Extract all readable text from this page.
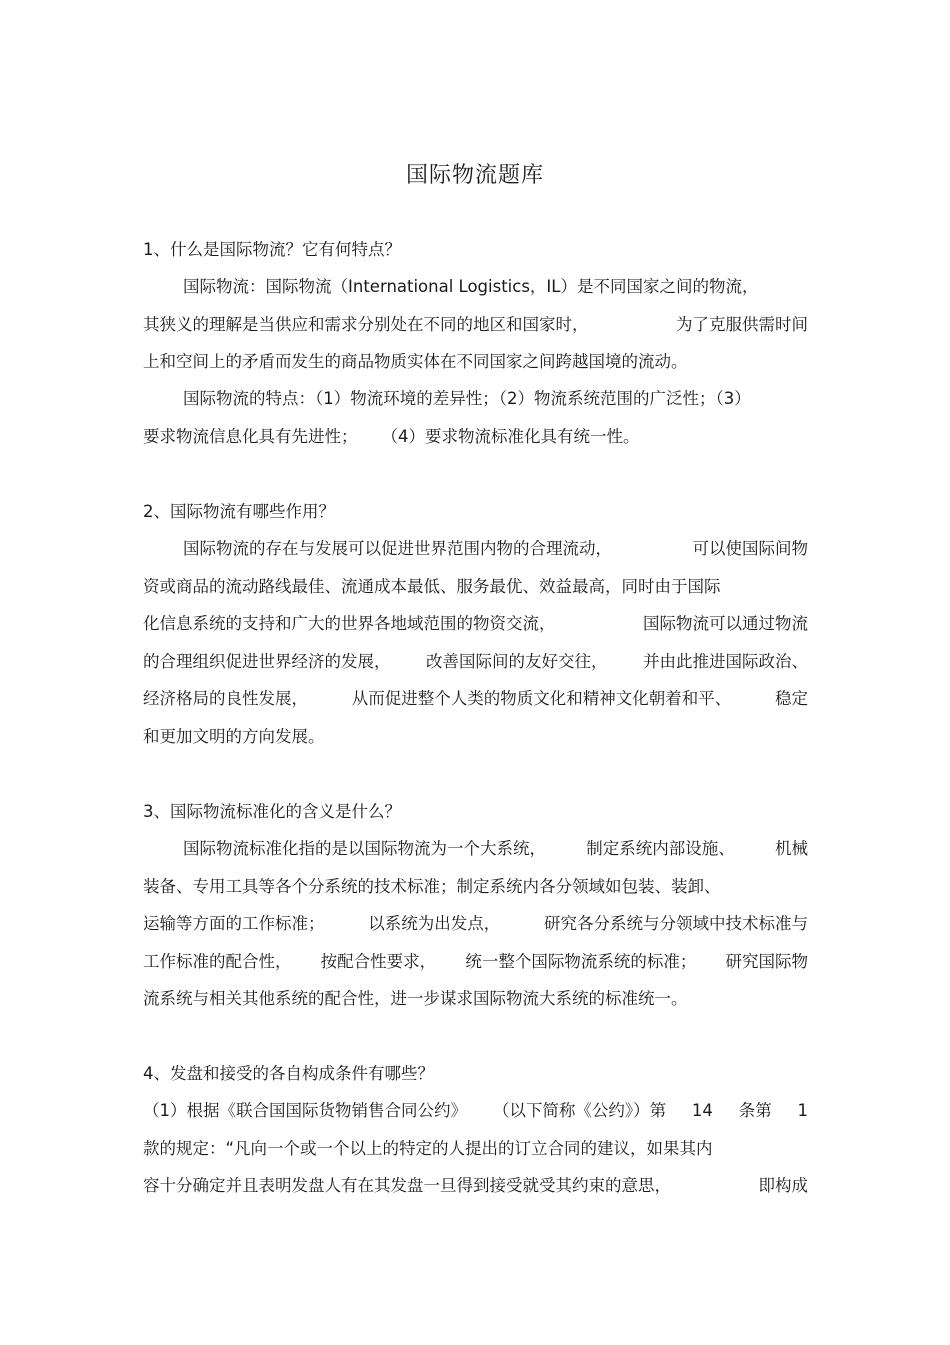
国际物流题库
1、什么是国际物流？它有何特点？
国际物流：国际物流（International Logistics，IL）是不同国家之间的物流，
其狭义的理解是当供应和需求分别处在不同的地区和国家时，	为了克服供需时间
上和空间上的矛盾而发生的商品物质实体在不同国家之间跨越国境的流动。
国际物流的特点：（1）物流环境的差异性；（2）物流系统范围的广泛性；（3）
要求物流信息化具有先进性； （4）要求物流标准化具有统一性。
2、国际物流有哪些作用？
国际物流的存在与发展可以促进世界范围内物的合理流动，	可以使国际间物
资或商品的流动路线最佳、流通成本最低、服务最优、效益最高，同时由于国际
化信息系统的支持和广大的世界各地域范围的物资交流，	国际物流可以通过物流
的合理组织促进世界经济的发展， 改善国际间的友好交往， 并由此推进国际政治、
经济格局的良性发展，	从而促进整个人类的物质文化和精神文化朝着和平、	稳定
和更加文明的方向发展。
3、国际物流标准化的含义是什么？
国际物流标准化指的是以国际物流为一个大系统， 制定系统内部设施、 机械
装备、专用工具等各个分系统的技术标准；制定系统内各分领域如包装、装卸、
运输等方面的工作标准；	以系统为出发点，	研究各分系统与分领域中技术标准与
工作标准的配合性， 按配合性要求， 统一整个国际物流系统的标准； 研究国际物
流系统与相关其他系统的配合性，进一步谋求国际物流大系统的标准统一。
4、发盘和接受的各自构成条件有哪些？
（1）根据《联合国国际货物销售合同公约》 （以下简称《公约》）第 14 条第 1
款的规定：“凡向一个或一个以上的特定的人提出的订立合同的建议，如果其内
容十分确定并且表明发盘人有在其发盘一旦得到接受就受其约束的意思，	即构成
